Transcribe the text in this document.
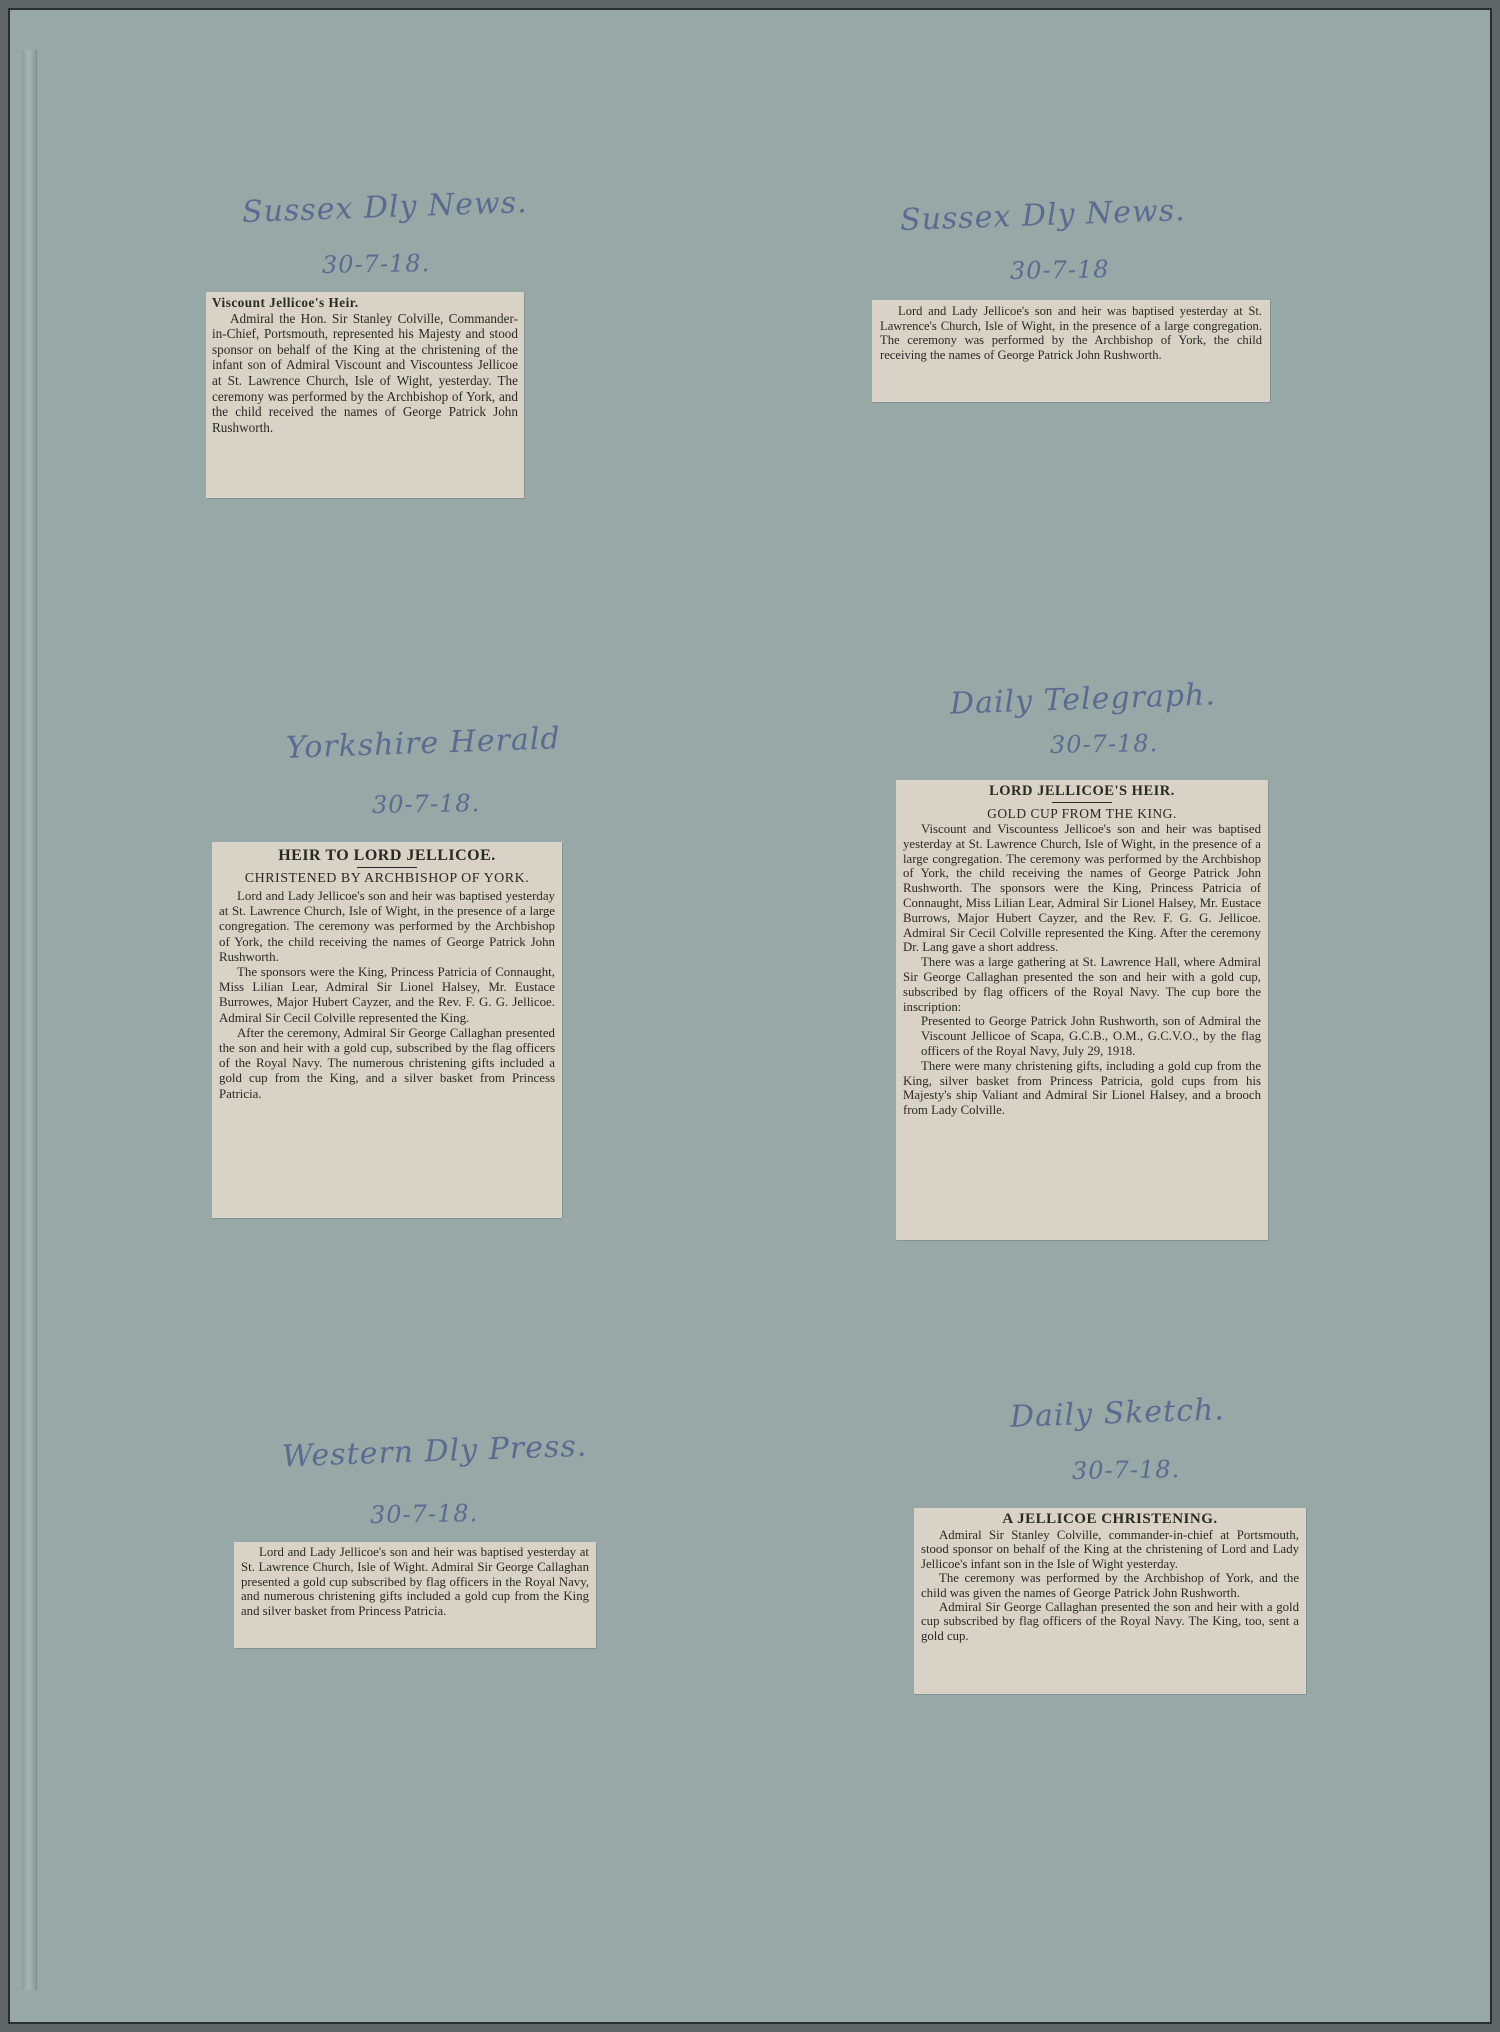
Sussex Dly News.
30-7-18.

Viscount Jellicoe's Heir.

Admiral the Hon. Sir Stanley Colville, Commander-in-Chief, Portsmouth, represented his Majesty and stood sponsor on behalf of the King at the christening of the infant son of Admiral Viscount and Viscountess Jellicoe at St. Lawrence Church, Isle of Wight, yesterday. The ceremony was performed by the Archbishop of York, and the child received the names of George Patrick John Rushworth.

Sussex Dly News.
30-7-18

Lord and Lady Jellicoe's son and heir was baptised yesterday at St. Lawrence's Church, Isle of Wight, in the presence of a large congregation. The ceremony was performed by the Archbishop of York, the child receiving the names of George Patrick John Rushworth.

Yorkshire Herald
30-7-18.

HEIR TO LORD JELLICOE.

CHRISTENED BY ARCHBISHOP OF YORK.

Lord and Lady Jellicoe's son and heir was baptised yesterday at St. Lawrence Church, Isle of Wight, in the presence of a large congregation. The ceremony was performed by the Archbishop of York, the child receiving the names of George Patrick John Rushworth.

The sponsors were the King, Princess Patricia of Connaught, Miss Lilian Lear, Admiral Sir Lionel Halsey, Mr. Eustace Burrowes, Major Hubert Cayzer, and the Rev. F. G. G. Jellicoe. Admiral Sir Cecil Colville represented the King.

After the ceremony, Admiral Sir George Callaghan presented the son and heir with a gold cup, subscribed by the flag officers of the Royal Navy. The numerous christening gifts included a gold cup from the King, and a silver basket from Princess Patricia.

Daily Telegraph.
30-7-18.

LORD JELLICOE'S HEIR.

GOLD CUP FROM THE KING.

Viscount and Viscountess Jellicoe's son and heir was baptised yesterday at St. Lawrence Church, Isle of Wight, in the presence of a large congregation. The ceremony was performed by the Archbishop of York, the child receiving the names of George Patrick John Rushworth. The sponsors were the King, Princess Patricia of Connaught, Miss Lilian Lear, Admiral Sir Lionel Halsey, Mr. Eustace Burrows, Major Hubert Cayzer, and the Rev. F. G. G. Jellicoe. Admiral Sir Cecil Colville represented the King. After the ceremony Dr. Lang gave a short address.

There was a large gathering at St. Lawrence Hall, where Admiral Sir George Callaghan presented the son and heir with a gold cup, subscribed by flag officers of the Royal Navy. The cup bore the inscription:

Presented to George Patrick John Rushworth, son of Admiral the Viscount Jellicoe of Scapa, G.C.B., O.M., G.C.V.O., by the flag officers of the Royal Navy, July 29, 1918.

There were many christening gifts, including a gold cup from the King, silver basket from Princess Patricia, gold cups from his Majesty's ship Valiant and Admiral Sir Lionel Halsey, and a brooch from Lady Colville.

Western Dly Press.
30-7-18.

Lord and Lady Jellicoe's son and heir was baptised yesterday at St. Lawrence Church, Isle of Wight. Admiral Sir George Callaghan presented a gold cup subscribed by flag officers in the Royal Navy, and numerous christening gifts included a gold cup from the King and silver basket from Princess Patricia.

Daily Sketch.
30-7-18.

A JELLICOE CHRISTENING.

Admiral Sir Stanley Colville, commander-in-chief at Portsmouth, stood sponsor on behalf of the King at the christening of Lord and Lady Jellicoe's infant son in the Isle of Wight yesterday.

The ceremony was performed by the Archbishop of York, and the child was given the names of George Patrick John Rushworth.

Admiral Sir George Callaghan presented the son and heir with a gold cup subscribed by flag officers of the Royal Navy. The King, too, sent a gold cup.
